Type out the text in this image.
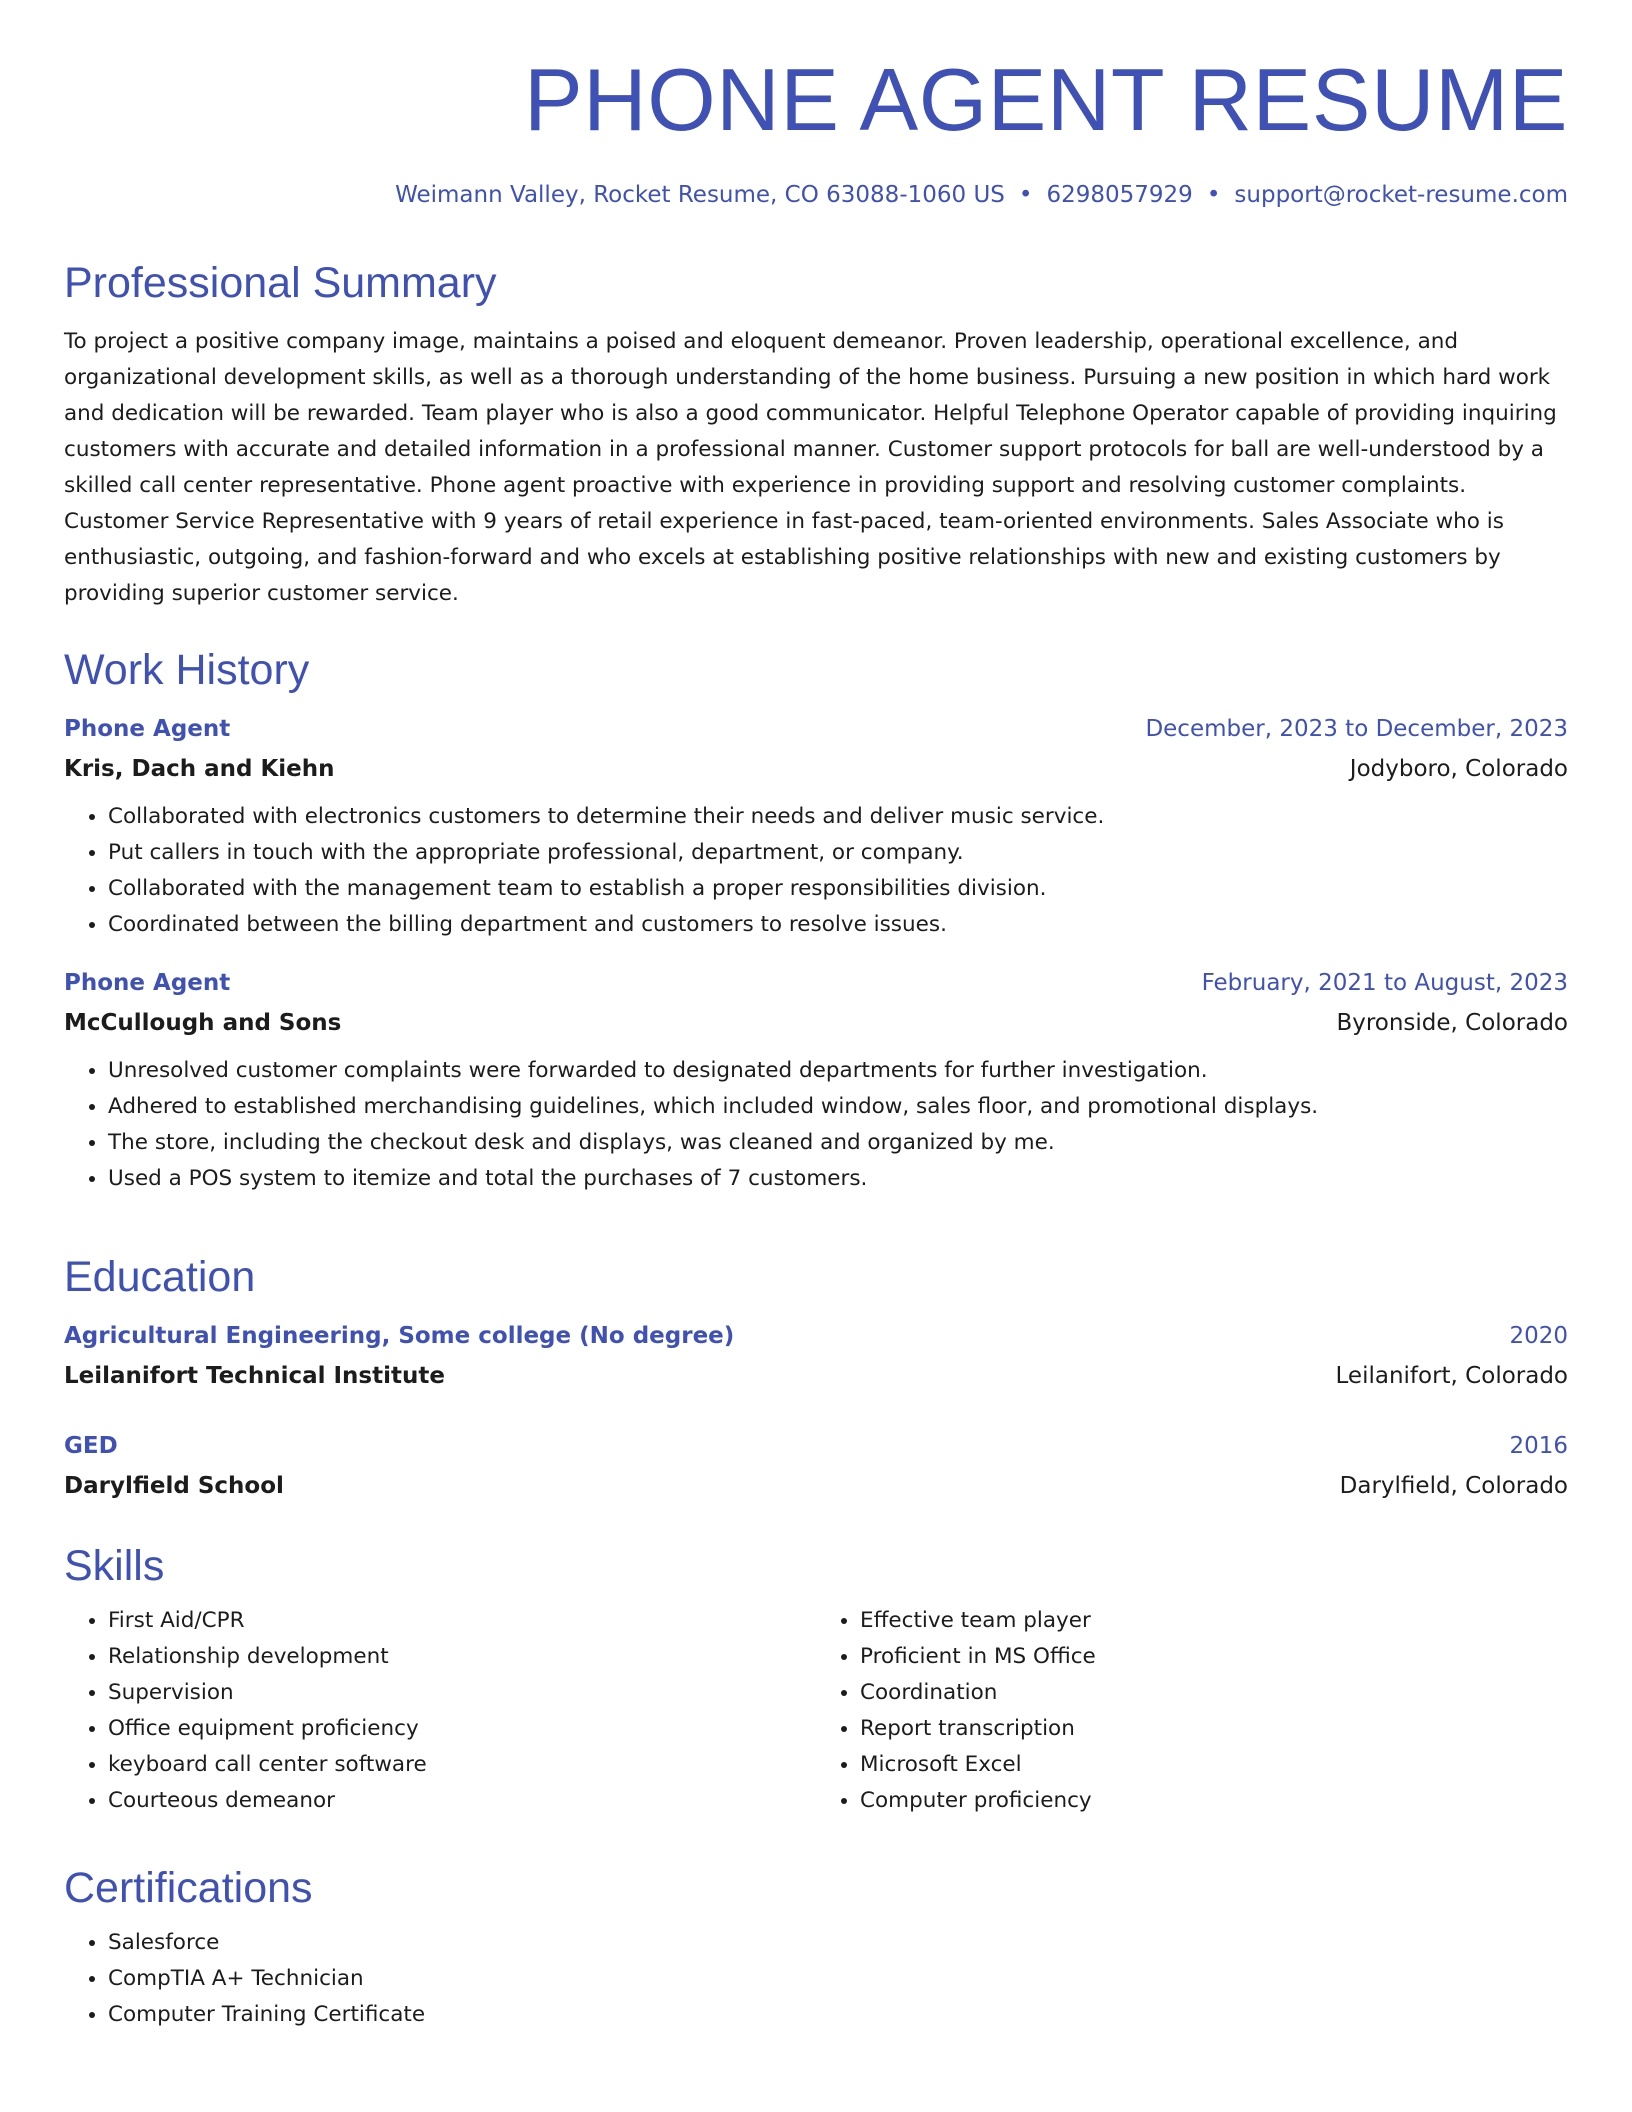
PHONE AGENT RESUME
Weimann Valley, Rocket Resume, CO 63088-1060 US • 6298057929 • support@rocket-resume.com
Professional Summary

To project a positive company image, maintains a poised and eloquent demeanor. Proven leadership, operational excellence, and organizational development skills, as well as a thorough understanding of the home business. Pursuing a new position in which hard work and dedication will be rewarded. Team player who is also a good communicator. Helpful Telephone Operator capable of providing inquiring customers with accurate and detailed information in a professional manner. Customer support protocols for ball are well-understood by a skilled call center representative. Phone agent proactive with experience in providing support and resolving customer complaints. Customer Service Representative with 9 years of retail experience in fast-paced, team-oriented environments. Sales Associate who is enthusiastic, outgoing, and fashion-forward and who excels at establishing positive relationships with new and existing customers by providing superior customer service.

Work History
Phone Agent	December, 2023 to December, 2023
Kris, Dach and Kiehn	Jodyboro, Colorado
• Collaborated with electronics customers to determine their needs and deliver music service.
• Put callers in touch with the appropriate professional, department, or company.
• Collaborated with the management team to establish a proper responsibilities division.
• Coordinated between the billing department and customers to resolve issues.
Phone Agent	February, 2021 to August, 2023
McCullough and Sons	Byronside, Colorado
• Unresolved customer complaints were forwarded to designated departments for further investigation.
• Adhered to established merchandising guidelines, which included window, sales floor, and promotional displays.
• The store, including the checkout desk and displays, was cleaned and organized by me.
• Used a POS system to itemize and total the purchases of 7 customers.
Education
Agricultural Engineering, Some college (No degree)	2020
Leilanifort Technical Institute	Leilanifort, Colorado
GED	2016
Darylfield School	Darylfield, Colorado
Skills
• First Aid/CPR
• Relationship development
• Supervision
• Office equipment proficiency
• keyboard call center software
• Courteous demeanor
• Effective team player
• Proficient in MS Office
• Coordination
• Report transcription
• Microsoft Excel
• Computer proficiency
Certifications
• Salesforce
• CompTIA A+ Technician
• Computer Training Certificate
